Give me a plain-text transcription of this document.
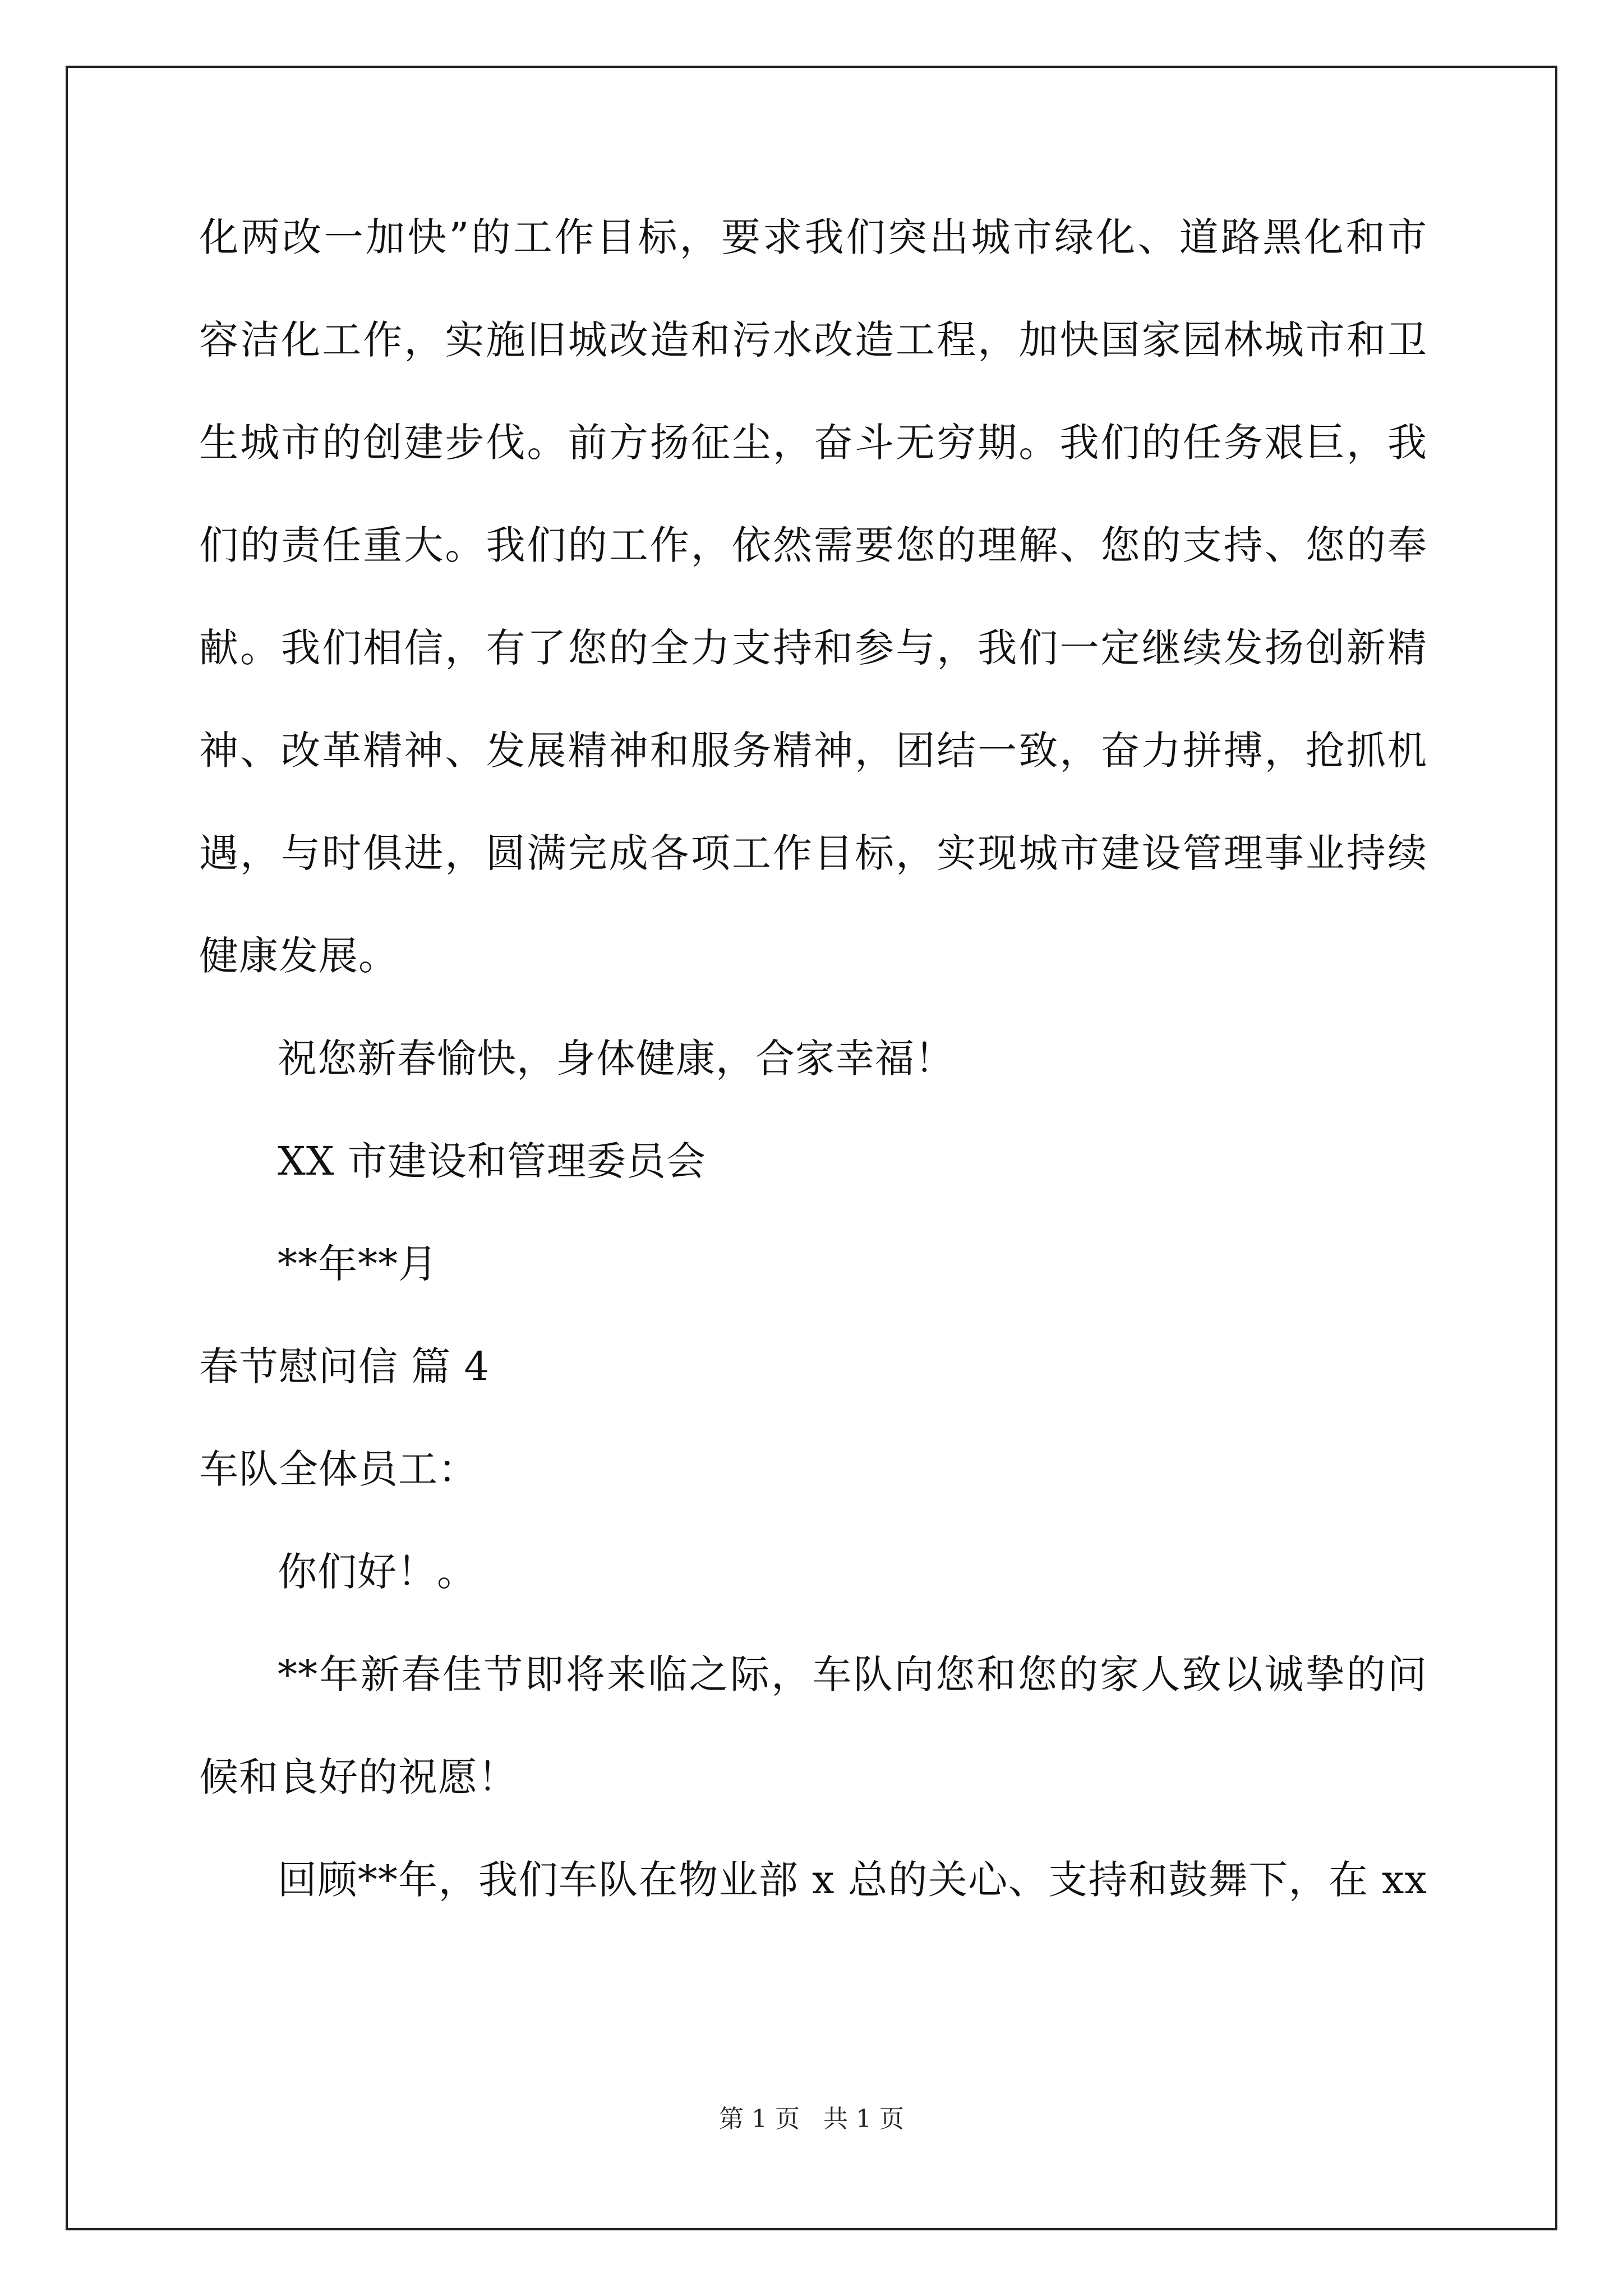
化两改一加快”的工作目标，要求我们突出城市绿化、道路黑化和市
容洁化工作，实施旧城改造和污水改造工程，加快国家园林城市和卫
生城市的创建步伐。前方扬征尘，奋斗无穷期。我们的任务艰巨，我
们的责任重大。我们的工作，依然需要您的理解、您的支持、您的奉
献。我们相信，有了您的全力支持和参与，我们一定继续发扬创新精
神、改革精神、发展精神和服务精神，团结一致，奋力拼搏，抢抓机
遇，与时俱进，圆满完成各项工作目标，实现城市建设管理事业持续
健康发展。
祝您新春愉快，身体健康，合家幸福！
XX 市建设和管理委员会
**年**月
春节慰问信 篇 4
车队全体员工：
你们好！。
**年新春佳节即将来临之际，车队向您和您的家人致以诚挚的问
候和良好的祝愿！
回顾**年，我们车队在物业部 x 总的关心、支持和鼓舞下，在 xx
第 1 页   共 1 页
